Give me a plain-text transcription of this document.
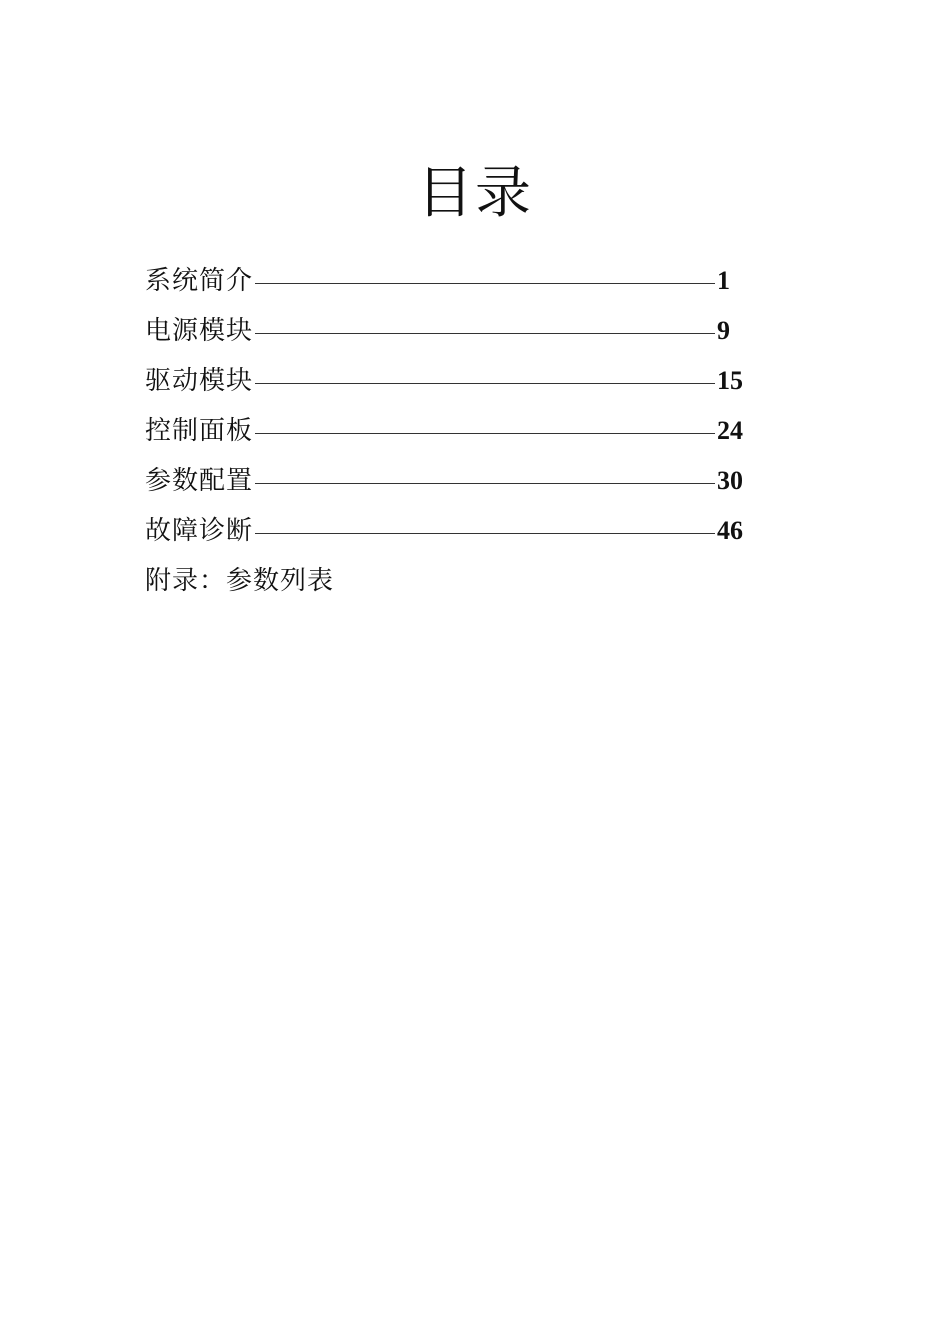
目录
系统简介	1
电源模块	9
驱动模块	15
控制面板	24
参数配置	30
故障诊断	46
附录：参数列表
